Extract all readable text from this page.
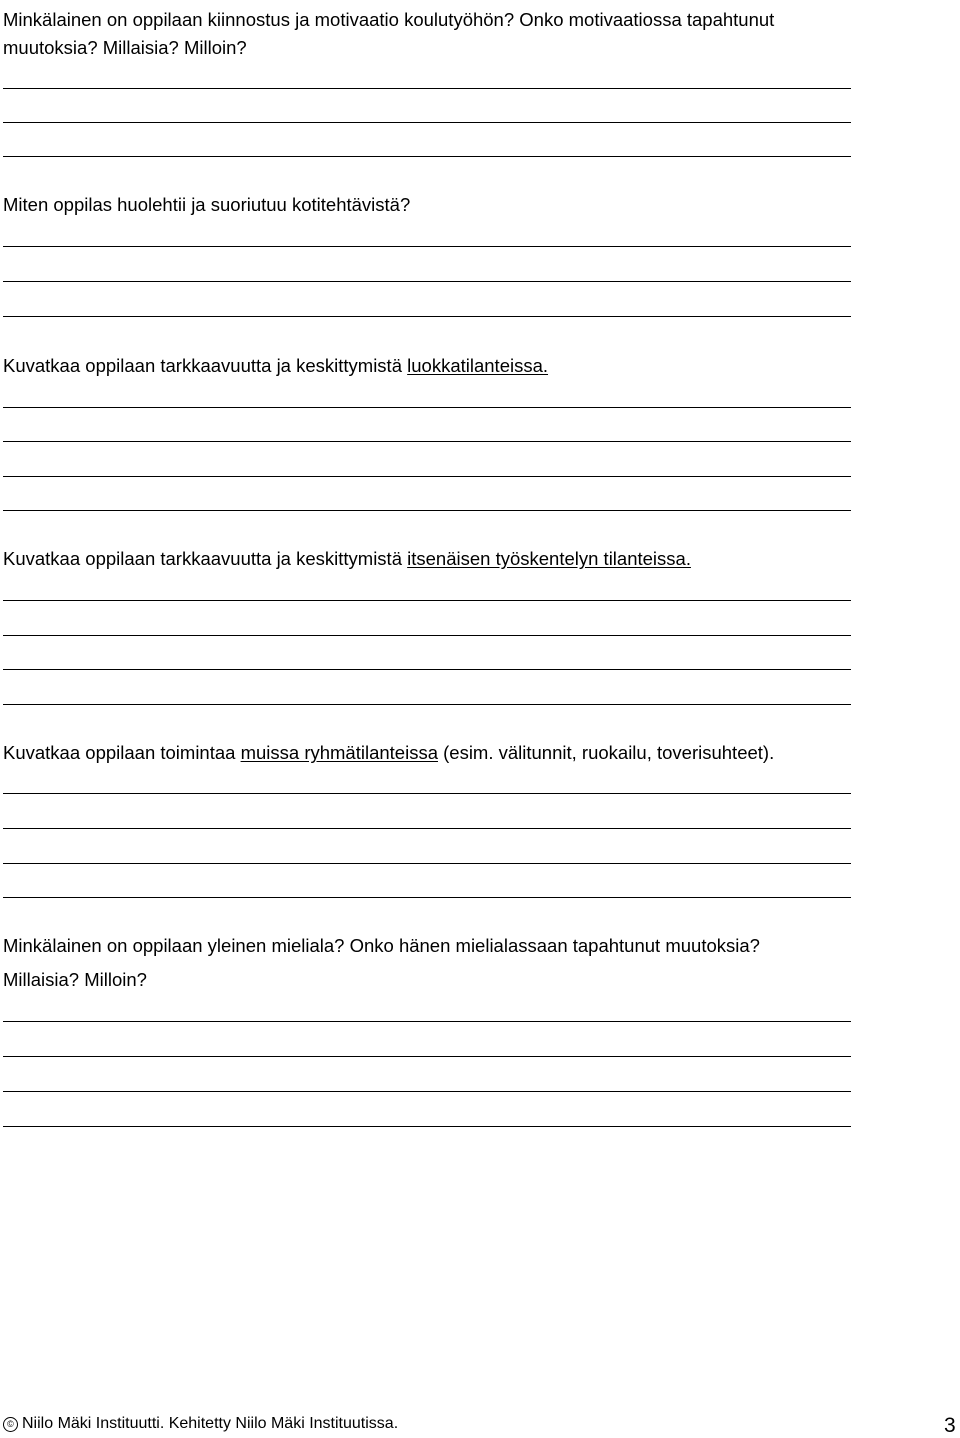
Minkälainen on oppilaan kiinnostus ja motivaatio koulutyöhön? Onko motivaatiossa tapahtunut

muutoksia? Millaisia? Milloin?

Miten oppilas huolehtii ja suoriutuu kotitehtävistä?

Kuvatkaa oppilaan tarkkaavuutta ja keskittymistä luokkatilanteissa.

Kuvatkaa oppilaan tarkkaavuutta ja keskittymistä itsenäisen työskentelyn tilanteissa.

Kuvatkaa oppilaan toimintaa muissa ryhmätilanteissa (esim. välitunnit, ruokailu, toverisuhteet).

Minkälainen on oppilaan yleinen mieliala? Onko hänen mielialassaan tapahtunut muutoksia?

Millaisia? Milloin?

© Niilo Mäki Instituutti. Kehitetty Niilo Mäki Instituutissa.	3
